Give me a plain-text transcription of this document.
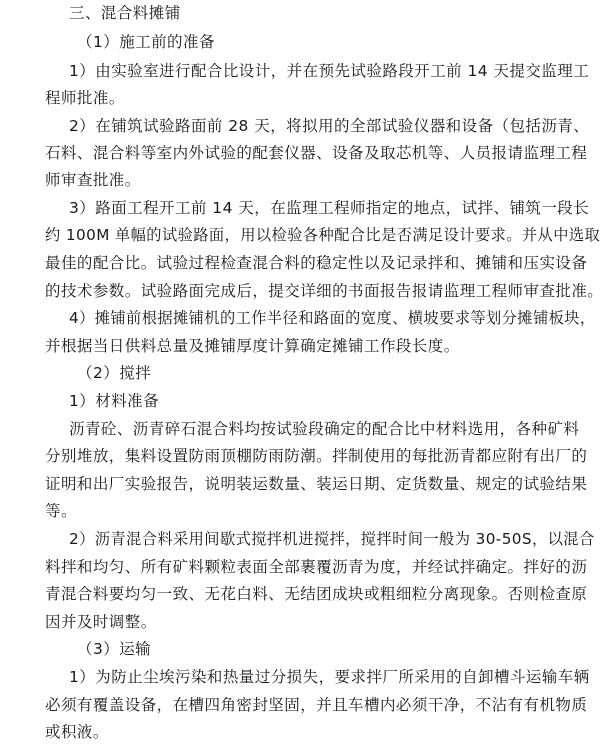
三、混合料摊铺
（1）施工前的准备
1）由实验室进行配合比设计，并在预先试验路段开工前 14 天提交监理工
程师批准。
2）在铺筑试验路面前 28 天，将拟用的全部试验仪器和设备（包括沥青、
石料、混合料等室内外试验的配套仪器、设备及取芯机等、人员报请监理工程
师审查批准。
3）路面工程开工前 14 天，在监理工程师指定的地点，试拌、铺筑一段长
约 100M 单幅的试验路面，用以检验各种配合比是否满足设计要求。并从中选取
最佳的配合比。试验过程检查混合料的稳定性以及记录拌和、摊铺和压实设备
的技术参数。试验路面完成后，提交详细的书面报告报请监理工程师审查批准。
4）摊铺前根据摊铺机的工作半径和路面的宽度、横坡要求等划分摊铺板块，
并根据当日供料总量及摊铺厚度计算确定摊铺工作段长度。
（2）搅拌
1）材料准备
沥青砼、沥青碎石混合料均按试验段确定的配合比中材料选用，各种矿料
分别堆放，集料设置防雨顶棚防雨防潮。拌制使用的每批沥青都应附有出厂的
证明和出厂实验报告，说明装运数量、装运日期、定货数量、规定的试验结果
等。
2）沥青混合料采用间歇式搅拌机进搅拌，搅拌时间一般为 30-50S，以混合
料拌和均匀、所有矿料颗粒表面全部裹覆沥青为度，并经试拌确定。拌好的沥
青混合料要均匀一致、无花白料、无结团成块或粗细粒分离现象。否则检查原
因并及时调整。
（3）运输
1）为防止尘埃污染和热量过分损失，要求拌厂所采用的自卸槽斗运输车辆
必须有覆盖设备，在槽四角密封坚固，并且车槽内必须干净，不沾有有机物质
或积液。
